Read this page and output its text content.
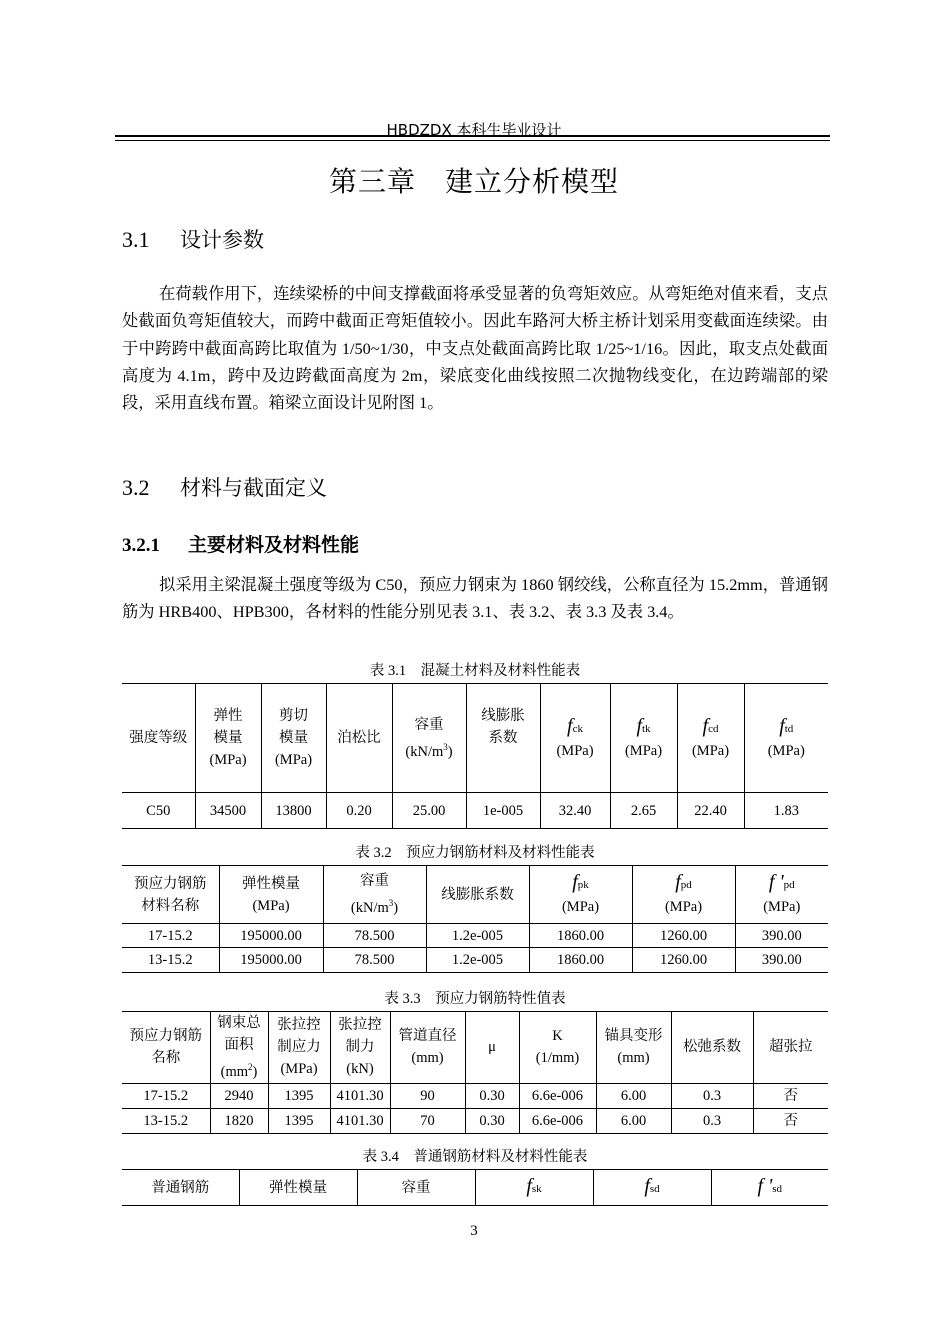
HBDZDX 本科生毕业设计
第三章　建立分析模型
3.1 设计参数

在荷载作用下，连续梁桥的中间支撑截面将承受显著的负弯矩效应。从弯矩绝对值来看，支点处截面负弯矩值较大，而跨中截面正弯矩值较小。因此车路河大桥主桥计划采用变截面连续梁。由于中跨跨中截面高跨比取值为 1/50~1/30，中支点处截面高跨比取 1/25~1/16。因此，取支点处截面高度为 4.1m，跨中及边跨截面高度为 2m，梁底变化曲线按照二次抛物线变化，在边跨端部的梁段，采用直线布置。箱梁立面设计见附图 1。

3.2 材料与截面定义
3.2.1 主要材料及材料性能

拟采用主梁混凝土强度等级为 C50，预应力钢束为 1860 钢绞线，公称直径为 15.2mm，普通钢筋为 HRB400、HPB300，各材料的性能分别见表 3.1、表 3.2、表 3.3 及表 3.4。

表 3.1　混凝土材料及材料性能表
强度等级	弹性
模量
(MPa)	剪切
模量
(MPa)	泊松比	容重
$(kN/m^3)$	线膨胀
系数	fck
(MPa)	ftk
(MPa)	fcd
(MPa)	ftd
(MPa)
C50	34500	13800	0.20	25.00	1e-005	32.40	2.65	22.40	1.83
表 3.2　预应力钢筋材料及材料性能表
预应力钢筋
材料名称	弹性模量
(MPa)	容重
$(kN/m^3)$	线膨胀系数	fpk
(MPa)	fpd
(MPa)	f 'pd
(MPa)
17-15.2	195000.00	78.500	1.2e-005	1860.00	1260.00	390.00
13-15.2	195000.00	78.500	1.2e-005	1860.00	1260.00	390.00
表 3.3　预应力钢筋特性值表
预应力钢筋
名称	钢束总
面积
$(mm^2)$	张拉控
制应力
(MPa)	张拉控
制力
(kN)	管道直径
(mm)	μ	K
(1/mm)	锚具变形
(mm)	松弛系数	超张拉
17-15.2	2940	1395	4101.30	90	0.30	6.6e-006	6.00	0.3	否
13-15.2	1820	1395	4101.30	70	0.30	6.6e-006	6.00	0.3	否
表 3.4　普通钢筋材料及材料性能表
普通钢筋	弹性模量	容重	fsk	fsd	f 'sd
3
